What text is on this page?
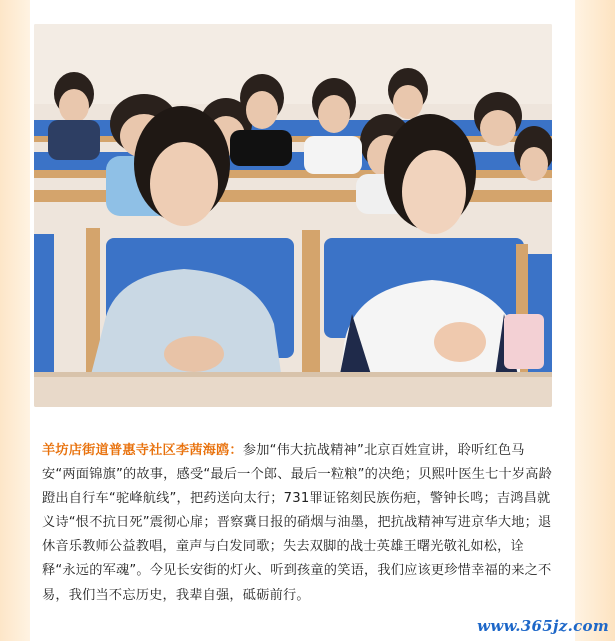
羊坊店街道普惠寺社区李茜海鸥：参加“伟大抗战精神”北京百姓宣讲，聆听红色马安“两面锦旗”的故事，感受“最后一个郎、最后一粒粮”的决绝；贝熙叶医生七十岁高龄蹬出自行车“驼峰航线”，把药送向太行；731罪证铭刻民族伤疤，警钟长鸣；吉鸿昌就义诗“恨不抗日死”震彻心扉；晋察冀日报的硝烟与油墨，把抗战精神写进京华大地；退休音乐教师公益教唱，童声与白发同歌；失去双脚的战士英雄王曙光敬礼如松，诠释“永远的军魂”。今见长安街的灯火、听到孩童的笑语，我们应该更珍惜幸福的来之不易，我们当不忘历史，我辈自强，砥砺前行。

www.365jz.com
